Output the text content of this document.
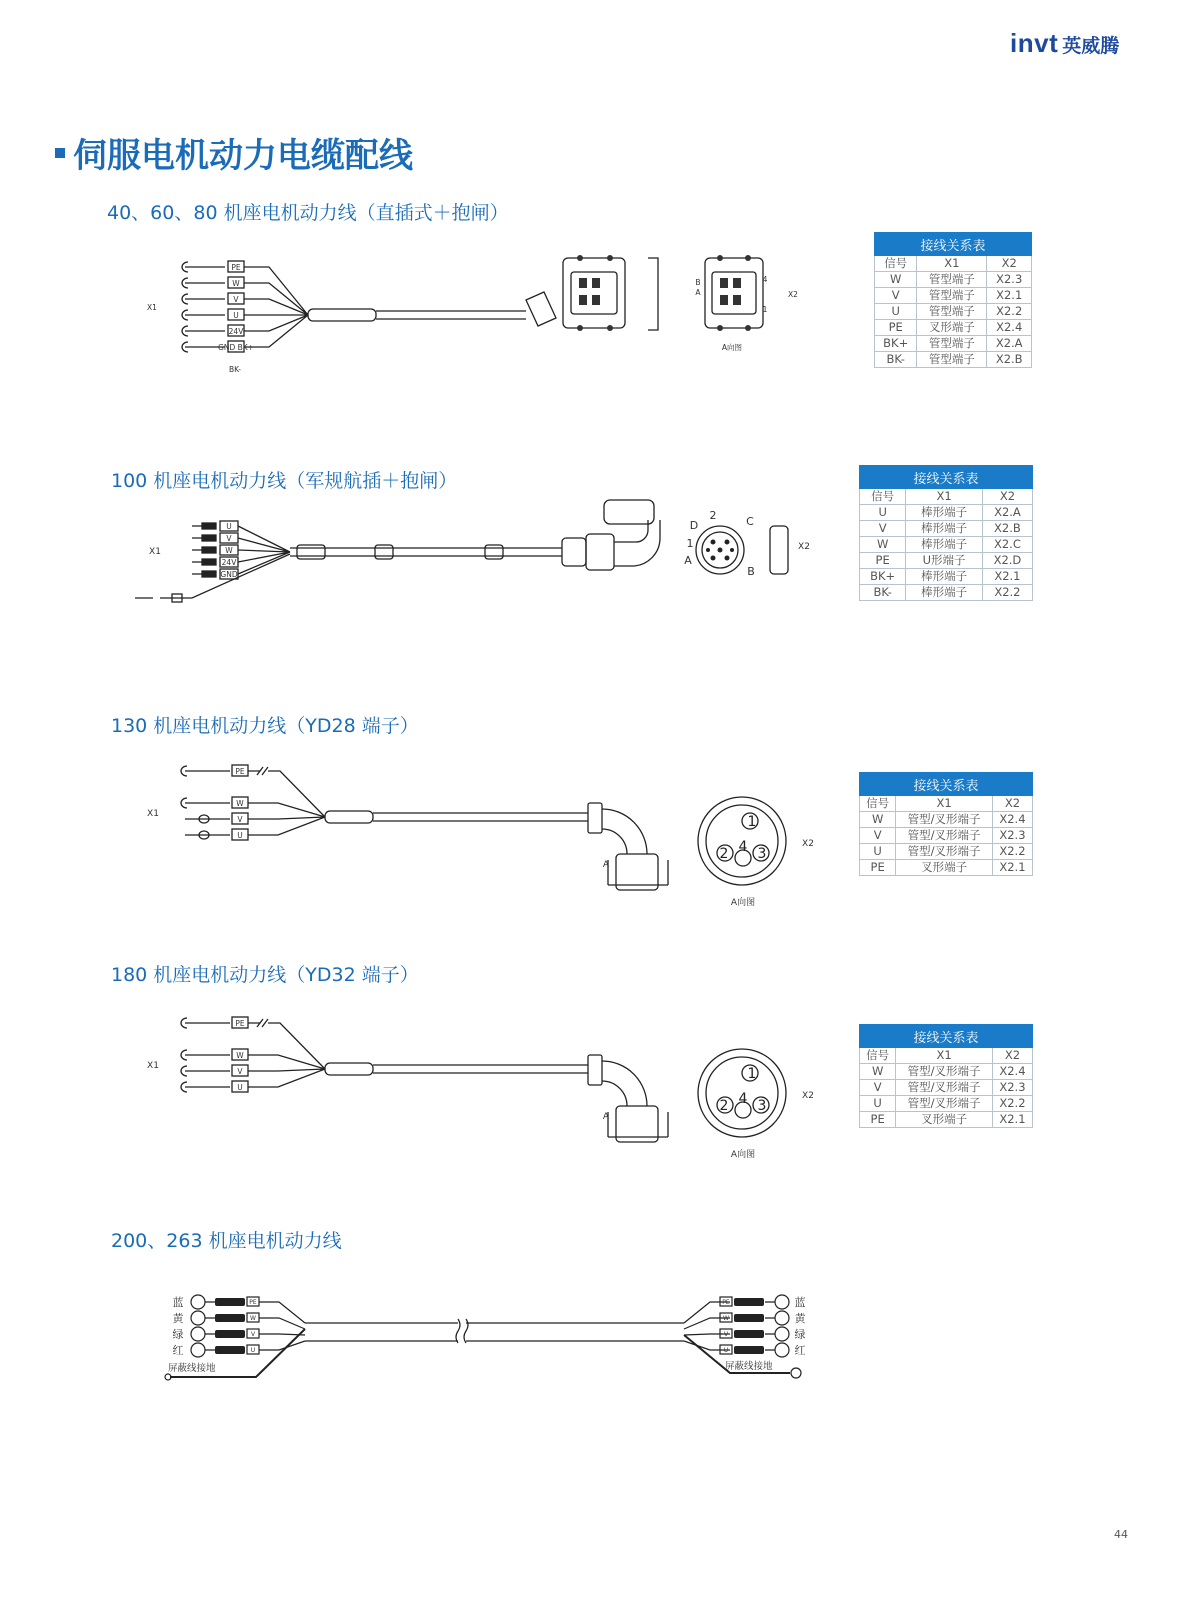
invt 英威腾
伺服电机动力电缆配线
40、60、80 机座电机动力线（直插式＋抱闸）
PE
W
V
U
24V
GND BK+
X1
BK-
X2
A向图
B
A
4
1
接线关系表		
信号	X1	X2
W	管型端子	X2.3
V	管型端子	X2.1
U	管型端子	X2.2
PE	叉形端子	X2.4
BK+	管型端子	X2.A
BK-	管型端子	X2.B
100 机座电机动力线（军规航插＋抱闸）
U
V
W
24V
GND
X1	X2
D
2	C
1
A
B
接线关系表		
信号	X1	X2
U	棒形端子	X2.A
V	棒形端子	X2.B
W	棒形端子	X2.C
PE	U形端子	X2.D
BK+	棒形端子	X2.1
BK-	棒形端子	X2.2
130 机座电机动力线（YD28 端子）
PE
W
V
U
X1
X2
A向图
A
1
2 4 3
接线关系表		
信号	X1	X2
W	管型/叉形端子	X2.4
V	管型/叉形端子	X2.3
U	管型/叉形端子	X2.2
PE	叉形端子	X2.1
180 机座电机动力线（YD32 端子）
PE
W
V
U
X1
X2
A向图
A
1
2 4 3
接线关系表		
信号	X1	X2
W	管型/叉形端子	X2.4
V	管型/叉形端子	X2.3
U	管型/叉形端子	X2.2
PE	叉形端子	X2.1
200、263 机座电机动力线
蓝
黄
绿
红
蓝
黄
绿
红
PE
W
V
U
PE
W
V
U
屏蔽线接地	屏蔽线接地
44
